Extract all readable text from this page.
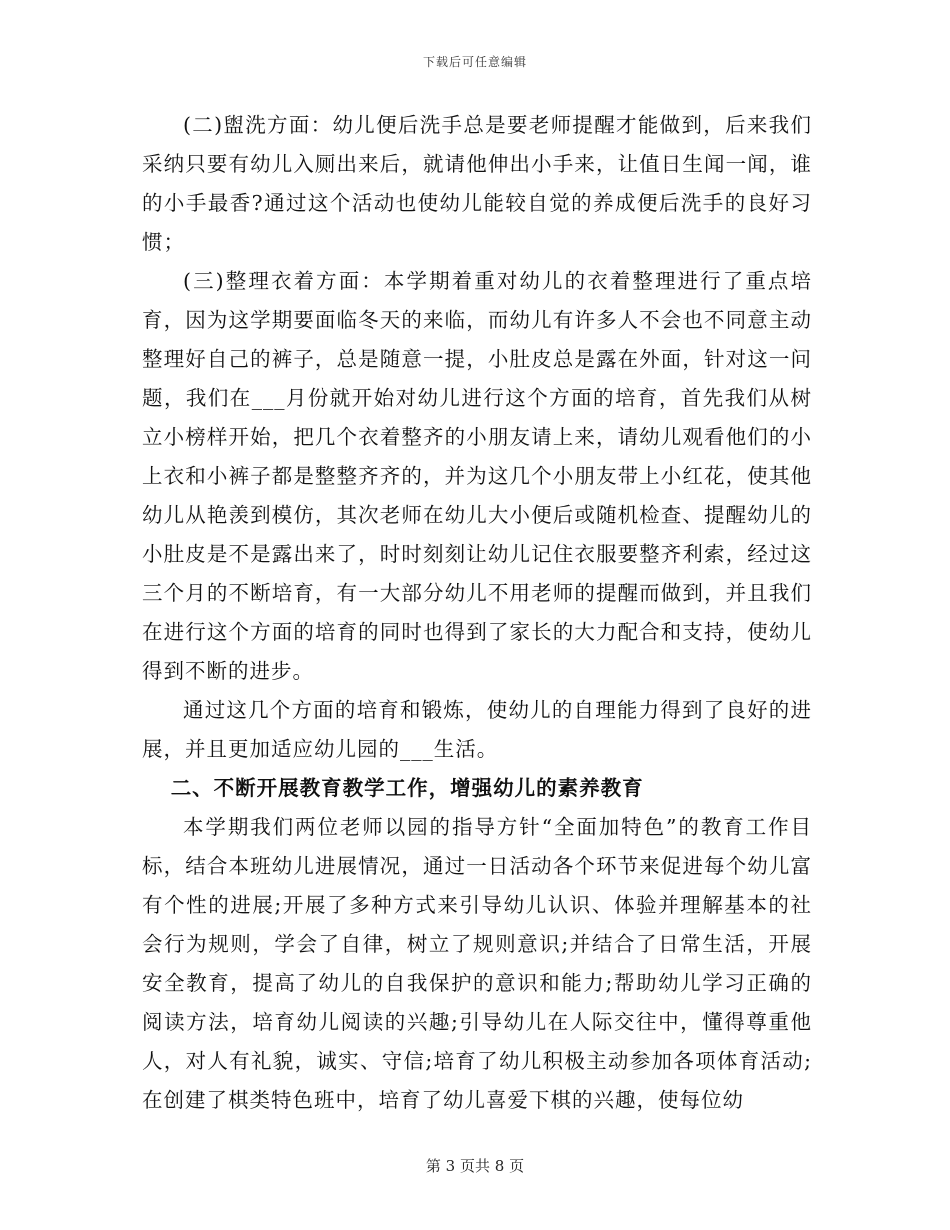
下载后可任意编辑

(二)盥洗方面：幼儿便后洗手总是要老师提醒才能做到，后来我们采纳只要有幼儿入厕出来后，就请他伸出小手来，让值日生闻一闻，谁的小手最香?通过这个活动也使幼儿能较自觉的养成便后洗手的良好习惯；

(三)整理衣着方面：本学期着重对幼儿的衣着整理进行了重点培育，因为这学期要面临冬天的来临，而幼儿有许多人不会也不同意主动整理好自己的裤子，总是随意一提，小肚皮总是露在外面，针对这一问题，我们在___月份就开始对幼儿进行这个方面的培育，首先我们从树立小榜样开始，把几个衣着整齐的小朋友请上来，请幼儿观看他们的小上衣和小裤子都是整整齐齐的，并为这几个小朋友带上小红花，使其他幼儿从艳羡到模仿，其次老师在幼儿大小便后或随机检查、提醒幼儿的小肚皮是不是露出来了，时时刻刻让幼儿记住衣服要整齐利索，经过这三个月的不断培育，有一大部分幼儿不用老师的提醒而做到，并且我们在进行这个方面的培育的同时也得到了家长的大力配合和支持，使幼儿得到不断的进步。

通过这几个方面的培育和锻炼，使幼儿的自理能力得到了良好的进展，并且更加适应幼儿园的___生活。

二、不断开展教育教学工作，增强幼儿的素养教育

本学期我们两位老师以园的指导方针“全面加特色”的教育工作目标，结合本班幼儿进展情况，通过一日活动各个环节来促进每个幼儿富有个性的进展;开展了多种方式来引导幼儿认识、体验并理解基本的社会行为规则，学会了自律，树立了规则意识;并结合了日常生活，开展安全教育，提高了幼儿的自我保护的意识和能力;帮助幼儿学习正确的阅读方法，培育幼儿阅读的兴趣;引导幼儿在人际交往中，懂得尊重他人，对人有礼貌，诚实、守信;培育了幼儿积极主动参加各项体育活动;在创建了棋类特色班中，培育了幼儿喜爱下棋的兴趣，使每位幼

第 3 页共 8 页
